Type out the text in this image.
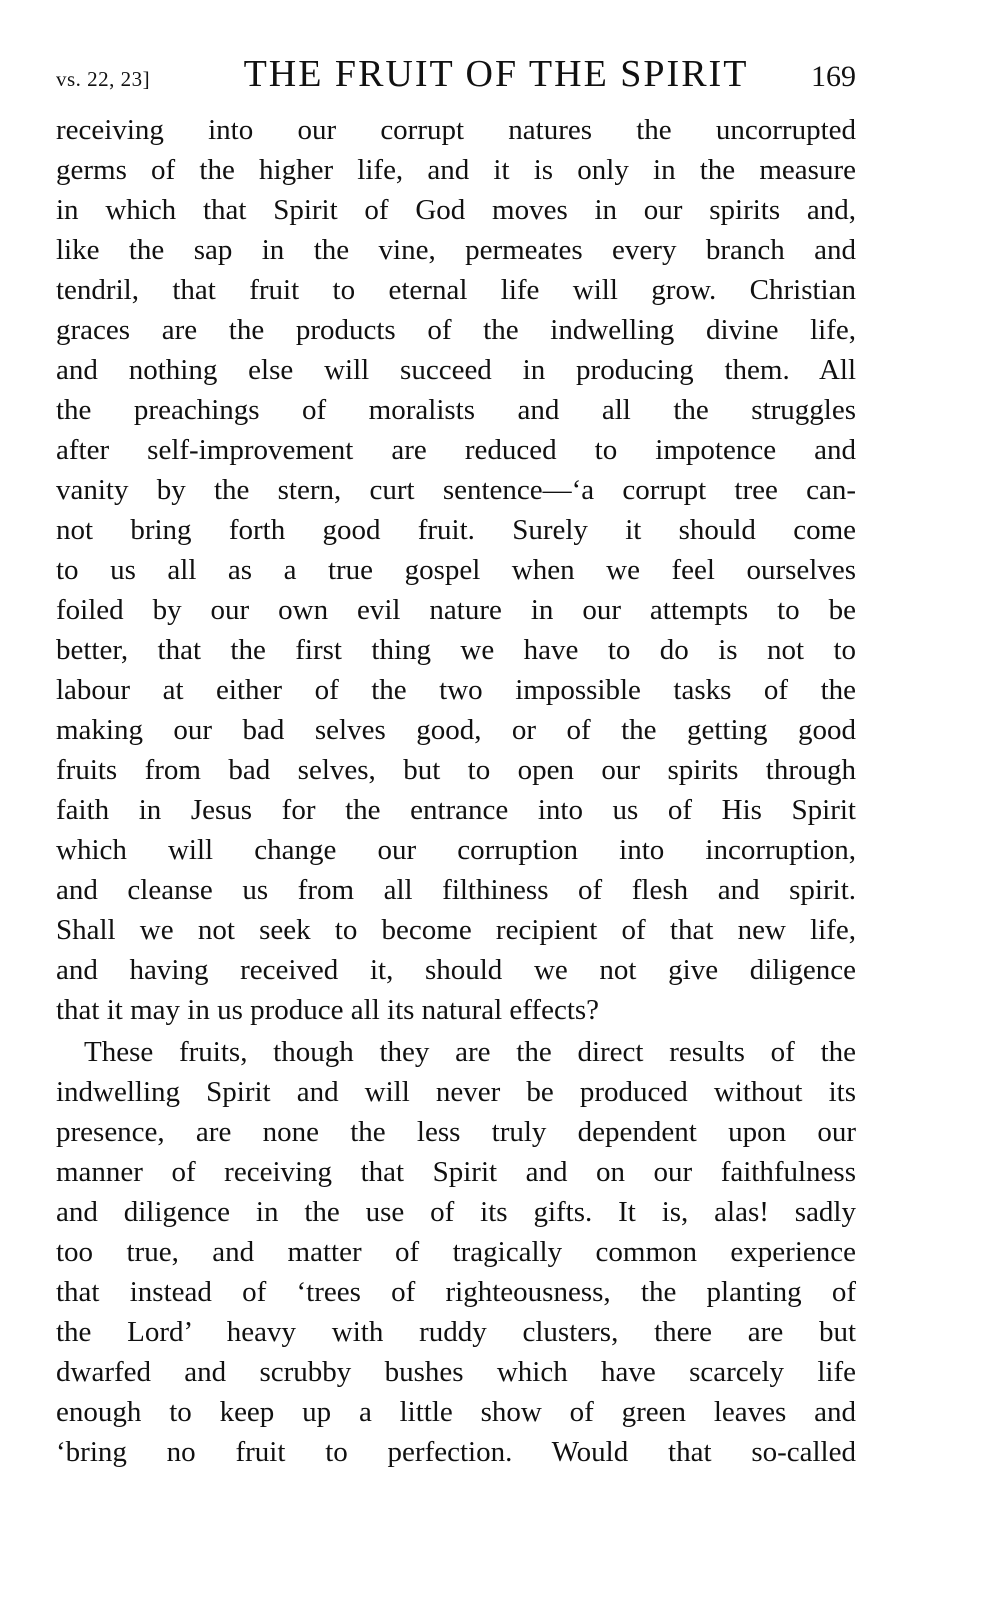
vs. 22, 23]	THE FRUIT OF THE SPIRIT	169
receiving into our corrupt natures the uncorrupted
germs of the higher life, and it is only in the measure
in which that Spirit of God moves in our spirits and,
like the sap in the vine, permeates every branch and
tendril, that fruit to eternal life will grow. Christian
graces are the products of the indwelling divine life,
and nothing else will succeed in producing them. All
the preachings of moralists and all the struggles
after self-improvement are reduced to impotence and
vanity by the stern, curt sentence—‘a corrupt tree can-
not bring forth good fruit. Surely it should come
to us all as a true gospel when we feel ourselves
foiled by our own evil nature in our attempts to be
better, that the first thing we have to do is not to
labour at either of the two impossible tasks of the
making our bad selves good, or of the getting good
fruits from bad selves, but to open our spirits through
faith in Jesus for the entrance into us of His Spirit
which will change our corruption into incorruption,
and cleanse us from all filthiness of flesh and spirit.
Shall we not seek to become recipient of that new life,
and having received it, should we not give diligence
that it may in us produce all its natural effects?
These fruits, though they are the direct results of the
indwelling Spirit and will never be produced without its
presence, are none the less truly dependent upon our
manner of receiving that Spirit and on our faithfulness
and diligence in the use of its gifts. It is, alas! sadly
too true, and matter of tragically common experience
that instead of ‘trees of righteousness, the planting of
the Lord’ heavy with ruddy clusters, there are but
dwarfed and scrubby bushes which have scarcely life
enough to keep up a little show of green leaves and
‘bring no fruit to perfection. Would that so-called
